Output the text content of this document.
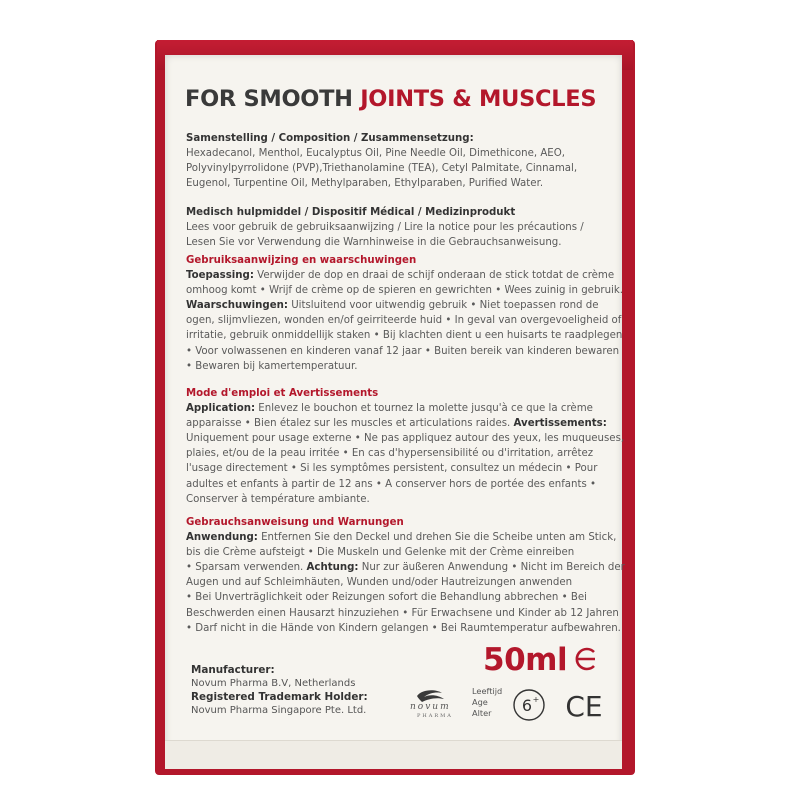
FOR SMOOTH JOINTS & MUSCLES
Samenstelling / Composition / Zusammensetzung:
Hexadecanol, Menthol, Eucalyptus Oil, Pine Needle Oil, Dimethicone, AEO,
Polyvinylpyrrolidone (PVP),Triethanolamine (TEA), Cetyl Palmitate, Cinnamal,
Eugenol, Turpentine Oil, Methylparaben, Ethylparaben, Purified Water.
Medisch hulpmiddel / Dispositif Médical / Medizinprodukt
Lees voor gebruik de gebruiksaanwijzing / Lire la notice pour les précautions /
Lesen Sie vor Verwendung die Warnhinweise in die Gebrauchsanweisung.
Gebruiksaanwijzing en waarschuwingen
Toepassing: Verwijder de dop en draai de schijf onderaan de stick totdat de crème
omhoog komt • Wrijf de crème op de spieren en gewrichten • Wees zuinig in gebruik.
Waarschuwingen: Uitsluitend voor uitwendig gebruik • Niet toepassen rond de
ogen, slijmvliezen, wonden en/of geirriteerde huid • In geval van overgevoeligheid of
irritatie, gebruik onmiddellijk staken • Bij klachten dient u een huisarts te raadplegen
• Voor volwassenen en kinderen vanaf 12 jaar • Buiten bereik van kinderen bewaren
• Bewaren bij kamertemperatuur.
Mode d'emploi et Avertissements
Application: Enlevez le bouchon et tournez la molette jusqu'à ce que la crème
apparaisse • Bien étalez sur les muscles et articulations raides. Avertissements:
Uniquement pour usage externe • Ne pas appliquez autour des yeux, les muqueuses,
plaies, et/ou de la peau irritée • En cas d'hypersensibilité ou d'irritation, arrêtez
l'usage directement • Si les symptômes persistent, consultez un médecin • Pour
adultes et enfants à partir de 12 ans • A conserver hors de portée des enfants •
Conserver à température ambiante.
Gebrauchsanweisung und Warnungen
Anwendung: Entfernen Sie den Deckel und drehen Sie die Scheibe unten am Stick,
bis die Crème aufsteigt • Die Muskeln und Gelenke mit der Crème einreiben
• Sparsam verwenden. Achtung: Nur zur äußeren Anwendung • Nicht im Bereich der
Augen und auf Schleimhäuten, Wunden und/oder Hautreizungen anwenden
• Bei Unverträglichkeit oder Reizungen sofort die Behandlung abbrechen • Bei
Beschwerden einen Hausarzt hinzuziehen • Für Erwachsene und Kinder ab 12 Jahren
• Darf nicht in die Hände von Kindern gelangen • Bei Raumtemperatur aufbewahren.
50ml
Manufacturer:
Novum Pharma B.V, Netherlands
Registered Trademark Holder:
Novum Pharma Singapore Pte. Ltd.	novum
PHARMA
Leeftijd
Age
Alter	6 + CE
